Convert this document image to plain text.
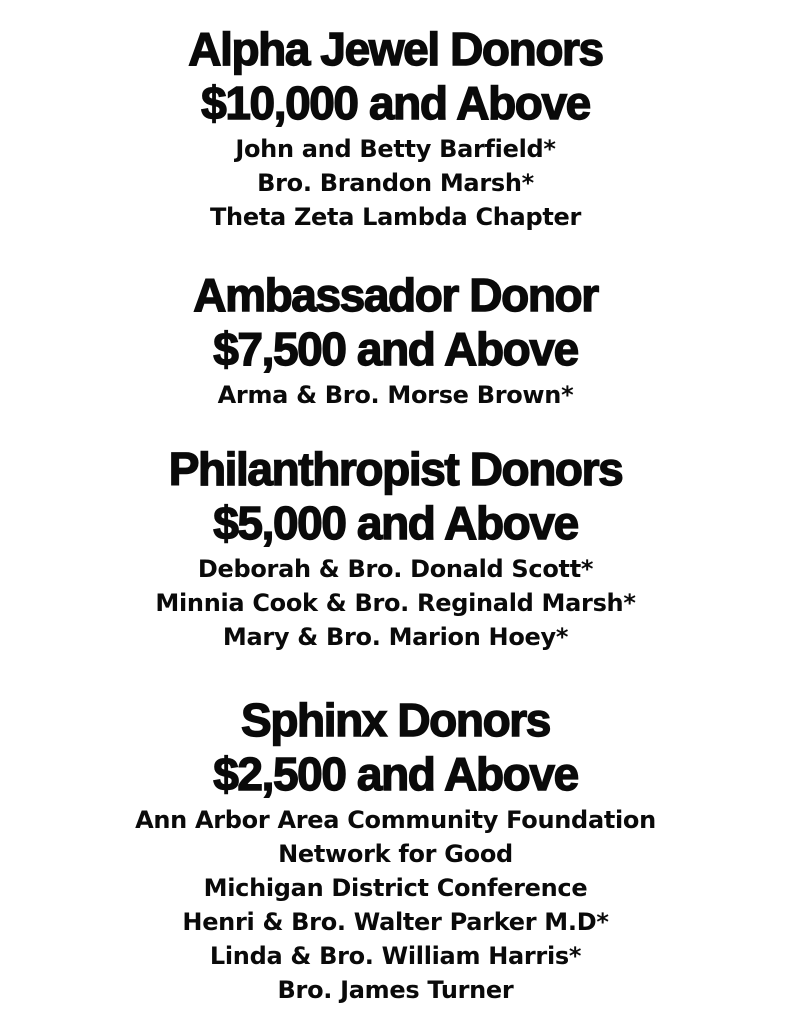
Alpha Jewel Donors
$10,000 and Above
John and Betty Barfield*
Bro. Brandon Marsh*
Theta Zeta Lambda Chapter
Ambassador Donor
$7,500 and Above
Arma & Bro. Morse Brown*
Philanthropist Donors
$5,000 and Above
Deborah & Bro. Donald Scott*
Minnia Cook & Bro. Reginald Marsh*
Mary & Bro. Marion Hoey*
Sphinx Donors
$2,500 and Above
Ann Arbor Area Community Foundation
Network for Good
Michigan District Conference
Henri & Bro. Walter Parker M.D*
Linda & Bro. William Harris*
Bro. James Turner
